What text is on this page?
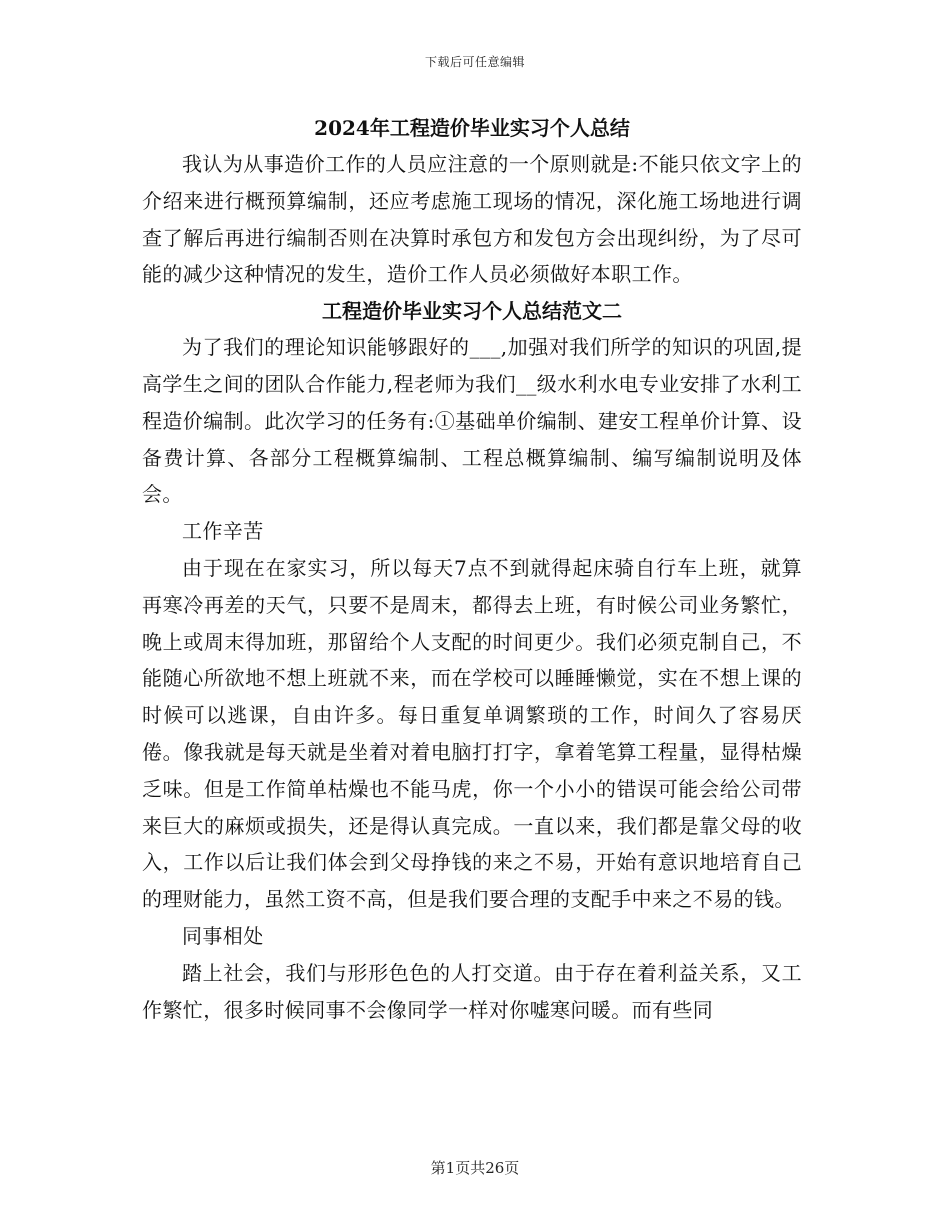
下载后可任意编辑
2024年工程造价毕业实习个人总结

我认为从事造价工作的人员应注意的一个原则就是:不能只依文字上的介绍来进行概预算编制，还应考虑施工现场的情况，深化施工场地进行调查了解后再进行编制否则在决算时承包方和发包方会出现纠纷，为了尽可能的减少这种情况的发生，造价工作人员必须做好本职工作。

工程造价毕业实习个人总结范文二

为了我们的理论知识能够跟好的___,加强对我们所学的知识的巩固,提高学生之间的团队合作能力,程老师为我们__级水利水电专业安排了水利工程造价编制。此次学习的任务有:①基础单价编制、建安工程单价计算、设备费计算、各部分工程概算编制、工程总概算编制、编写编制说明及体会。

工作辛苦

由于现在在家实习，所以每天7点不到就得起床骑自行车上班，就算再寒冷再差的天气，只要不是周末，都得去上班，有时候公司业务繁忙，晚上或周末得加班，那留给个人支配的时间更少。我们必须克制自己，不能随心所欲地不想上班就不来，而在学校可以睡睡懒觉，实在不想上课的时候可以逃课，自由许多。每日重复单调繁琐的工作，时间久了容易厌倦。像我就是每天就是坐着对着电脑打打字，拿着笔算工程量，显得枯燥乏味。但是工作简单枯燥也不能马虎，你一个小小的错误可能会给公司带来巨大的麻烦或损失，还是得认真完成。一直以来，我们都是靠父母的收入，工作以后让我们体会到父母挣钱的来之不易，开始有意识地培育自己的理财能力，虽然工资不高，但是我们要合理的支配手中来之不易的钱。

同事相处

踏上社会，我们与形形色色的人打交道。由于存在着利益关系，又工作繁忙，很多时候同事不会像同学一样对你嘘寒问暖。而有些同

第1页共26页
